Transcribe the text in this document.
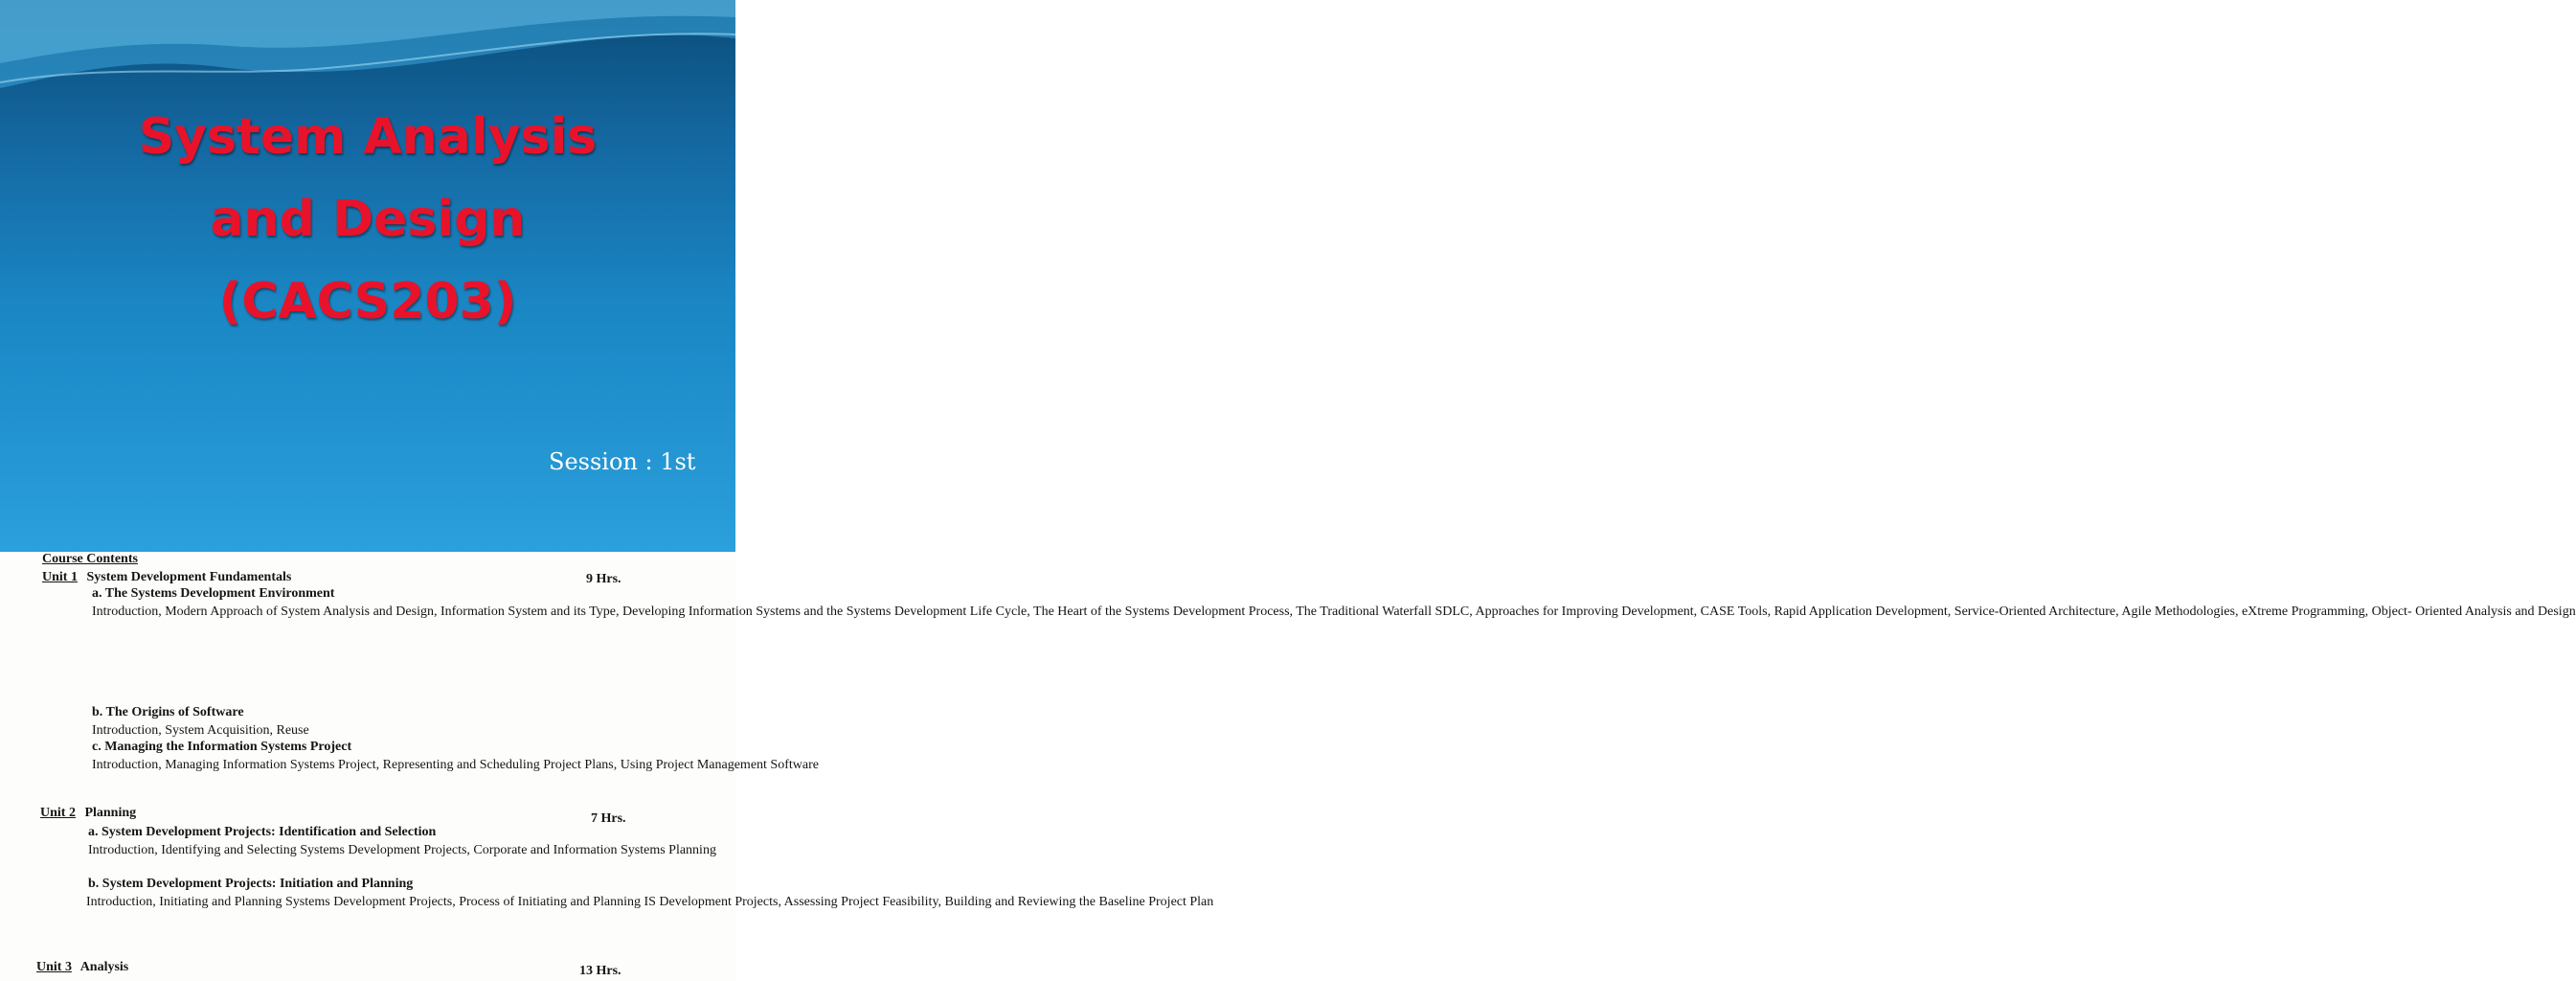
System Analysis
and Design
(CACS203)
Session : 1st
Course Contents
Unit 1 System Development Fundamentals	9 Hrs.
a. The Systems Development Environment
Introduction, Modern Approach of System Analysis and Design, Information System and its Type, Developing Information Systems and the Systems Development Life Cycle, The Heart of the Systems Development Process, The Traditional Waterfall SDLC, Approaches for Improving Development, CASE Tools, Rapid Application Development, Service-Oriented Architecture, Agile Methodologies, eXtreme Programming, Object- Oriented Analysis and Design
b. The Origins of Software
Introduction, System Acquisition, Reuse
c. Managing the Information Systems Project
Introduction, Managing Information Systems Project, Representing and Scheduling Project Plans, Using Project Management Software
Unit 2 Planning	7 Hrs.
a. System Development Projects: Identification and Selection
Introduction, Identifying and Selecting Systems Development Projects, Corporate and Information Systems Planning
b. System Development Projects: Initiation and Planning
Introduction, Initiating and Planning Systems Development Projects, Process of Initiating and Planning IS Development Projects, Assessing Project Feasibility, Building and Reviewing the Baseline Project Plan
Unit 3 Analysis	13 Hrs.
